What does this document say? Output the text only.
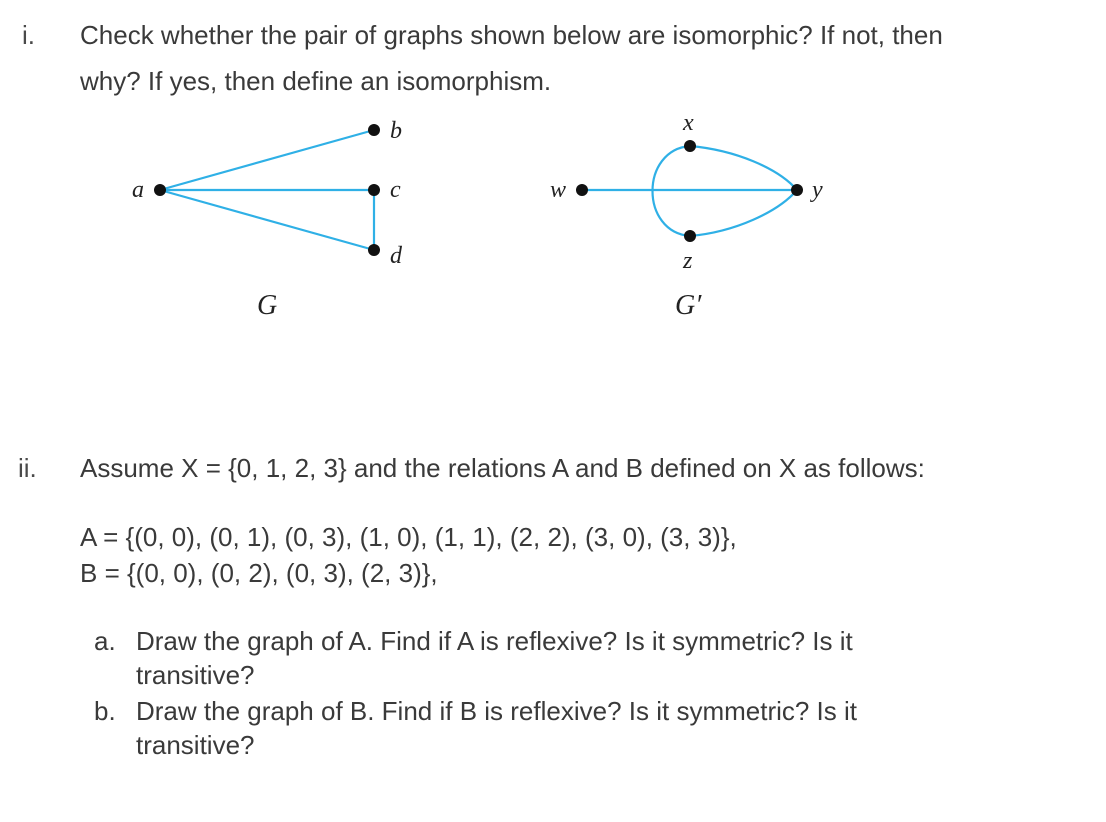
i. Check whether the pair of graphs shown below are isomorphic? If not, then
why? If yes, then define an isomorphism.
a
b
c
d
G
w
x
y
z
G′
ii. Assume X = {0, 1, 2, 3} and the relations A and B defined on X as follows:
A = {(0, 0), (0, 1), (0, 3), (1, 0), (1, 1), (2, 2), (3, 0), (3, 3)},
B = {(0, 0), (0, 2), (0, 3), (2, 3)},
a. Draw the graph of A. Find if A is reflexive? Is it symmetric? Is it
transitive?
b. Draw the graph of B. Find if B is reflexive? Is it symmetric? Is it
transitive?
